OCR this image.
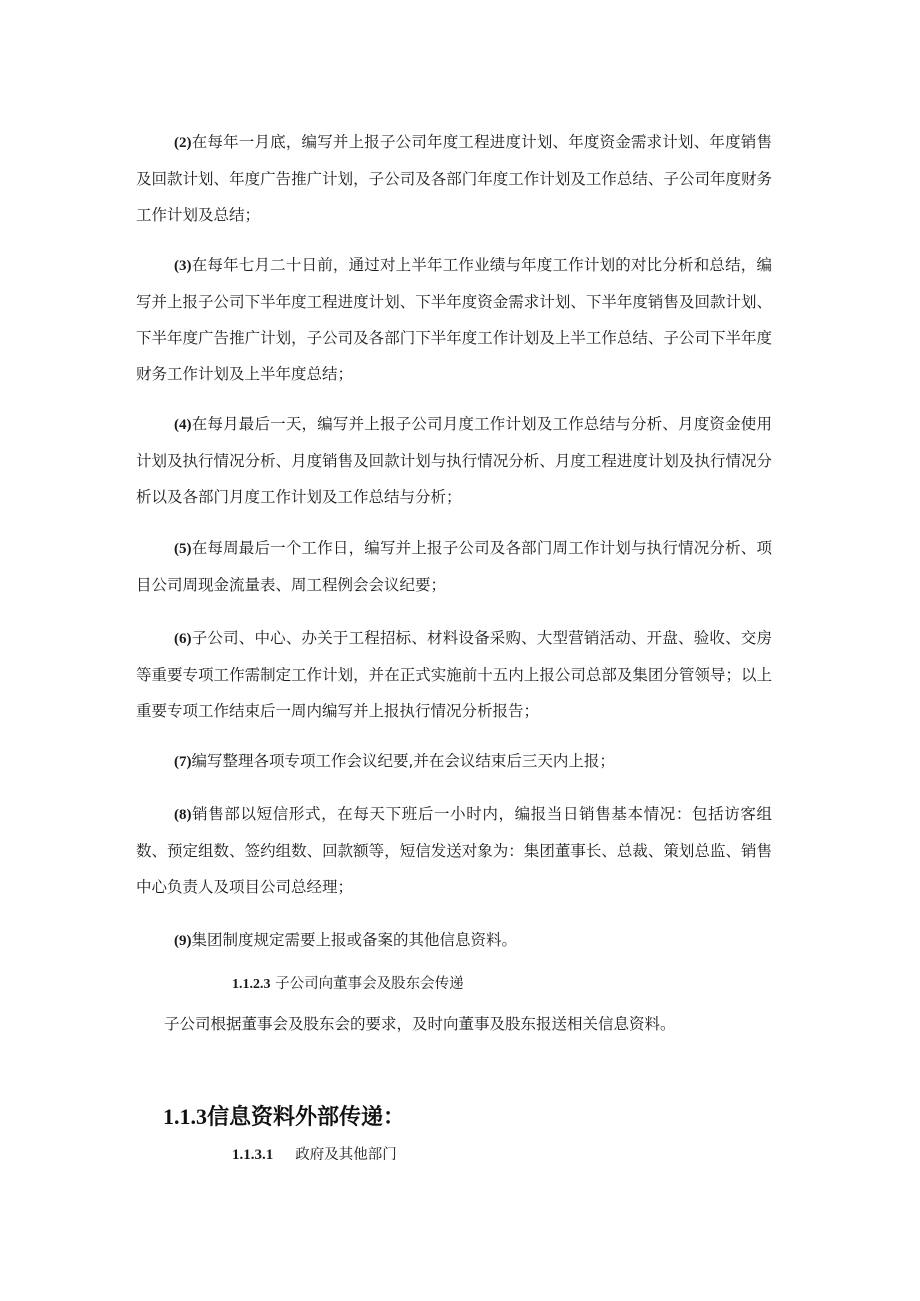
(2)在每年一月底，编写并上报子公司年度工程进度计划、年度资金需求计划、年度销售及回款计划、年度广告推广计划，子公司及各部门年度工作计划及工作总结、子公司年度财务工作计划及总结；

(3)在每年七月二十日前，通过对上半年工作业绩与年度工作计划的对比分析和总结，编写并上报子公司下半年度工程进度计划、下半年度资金需求计划、下半年度销售及回款计划、下半年度广告推广计划，子公司及各部门下半年度工作计划及上半工作总结、子公司下半年度财务工作计划及上半年度总结；

(4)在每月最后一天，编写并上报子公司月度工作计划及工作总结与分析、月度资金使用计划及执行情况分析、月度销售及回款计划与执行情况分析、月度工程进度计划及执行情况分析以及各部门月度工作计划及工作总结与分析；

(5)在每周最后一个工作日，编写并上报子公司及各部门周工作计划与执行情况分析、项目公司周现金流量表、周工程例会会议纪要；

(6)子公司、中心、办关于工程招标、材料设备采购、大型营销活动、开盘、验收、交房等重要专项工作需制定工作计划，并在正式实施前十五内上报公司总部及集团分管领导；以上重要专项工作结束后一周内编写并上报执行情况分析报告；

(7)编写整理各项专项工作会议纪要,并在会议结束后三天内上报；

(8)销售部以短信形式，在每天下班后一小时内，编报当日销售基本情况：包括访客组数、预定组数、签约组数、回款额等，短信发送对象为：集团董事长、总裁、策划总监、销售中心负责人及项目公司总经理；

(9)集团制度规定需要上报或备案的其他信息资料。

1.1.2.3 子公司向董事会及股东会传递

子公司根据董事会及股东会的要求，及时向董事及股东报送相关信息资料。

1.1.3信息资料外部传递：

1.1.3.1 政府及其他部门
